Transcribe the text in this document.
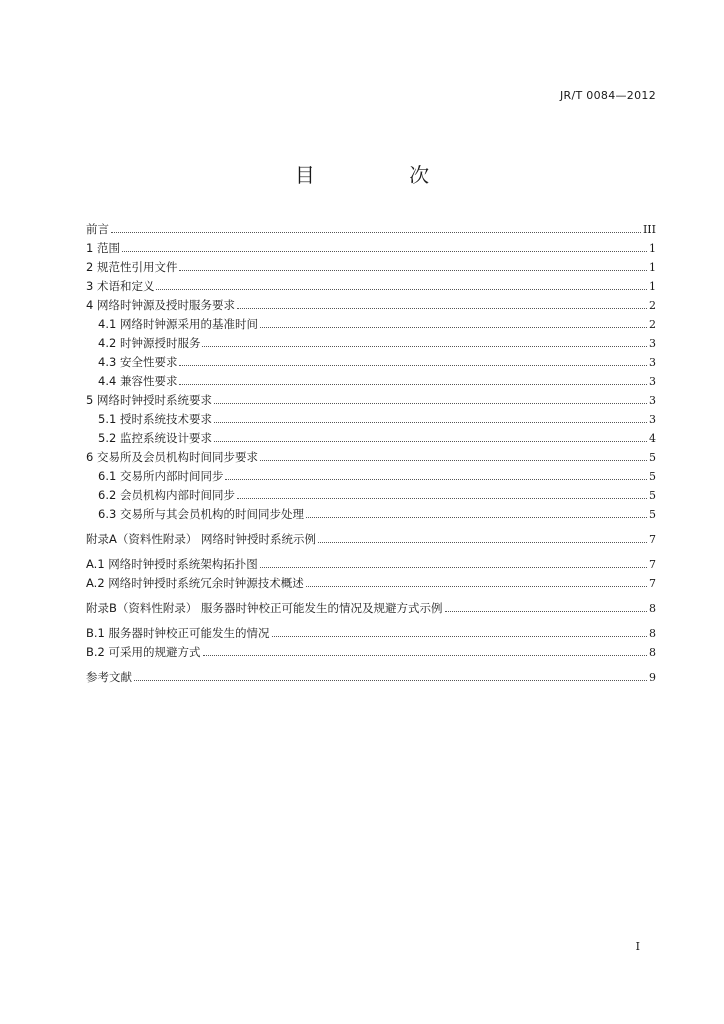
JR/T 0084—2012
目 次
前言	III
1 范围	1
2 规范性引用文件	1
3 术语和定义	1
4 网络时钟源及授时服务要求	2
4.1 网络时钟源采用的基准时间	2
4.2 时钟源授时服务	3
4.3 安全性要求	3
4.4 兼容性要求	3
5 网络时钟授时系统要求	3
5.1 授时系统技术要求	3
5.2 监控系统设计要求	4
6 交易所及会员机构时间同步要求	5
6.1 交易所内部时间同步	5
6.2 会员机构内部时间同步	5
6.3 交易所与其会员机构的时间同步处理	5
附录A（资料性附录） 网络时钟授时系统示例	7
A.1 网络时钟授时系统架构拓扑图	7
A.2 网络时钟授时系统冗余时钟源技术概述	7
附录B（资料性附录） 服务器时钟校正可能发生的情况及规避方式示例	8
B.1 服务器时钟校正可能发生的情况	8
B.2 可采用的规避方式	8
参考文献	9
I
